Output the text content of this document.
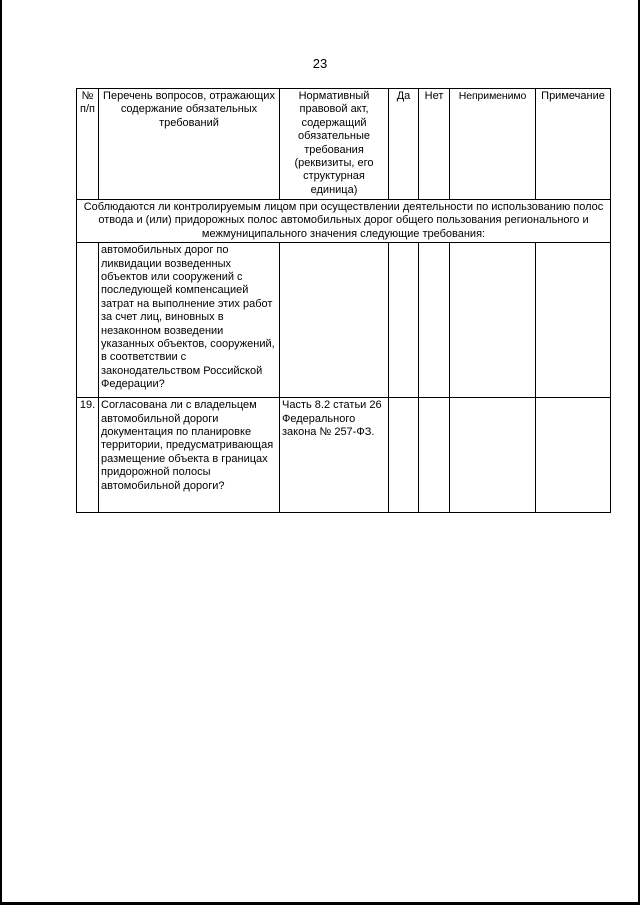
23
№ п/п	Перечень вопросов, отражающих содержание обязательных требований	Нормативный правовой акт, содержащий обязательные требования (реквизиты, его структурная единица)	Да	Нет	Неприменимо	Примечание
Соблюдаются ли контролируемым лицом при осуществлении деятельности по использованию полос отвода и (или) придорожных полос автомобильных дорог общего пользования регионального и межмуниципального значения следующие требования:						
	автомобильных дорог по ликвидации возведенных объектов или сооружений с последующей компенсацией затрат на выполнение этих работ за счет лиц, виновных в незаконном возведении указанных объектов, сооружений, в соответствии с законодательством Российской Федерации?					
19.	Согласована ли с владельцем автомобильной дороги документация по планировке территории, предусматривающая размещение объекта в границах придорожной полосы автомобильной дороги?	Часть 8.2 статьи 26 Федерального закона № 257-ФЗ.				
